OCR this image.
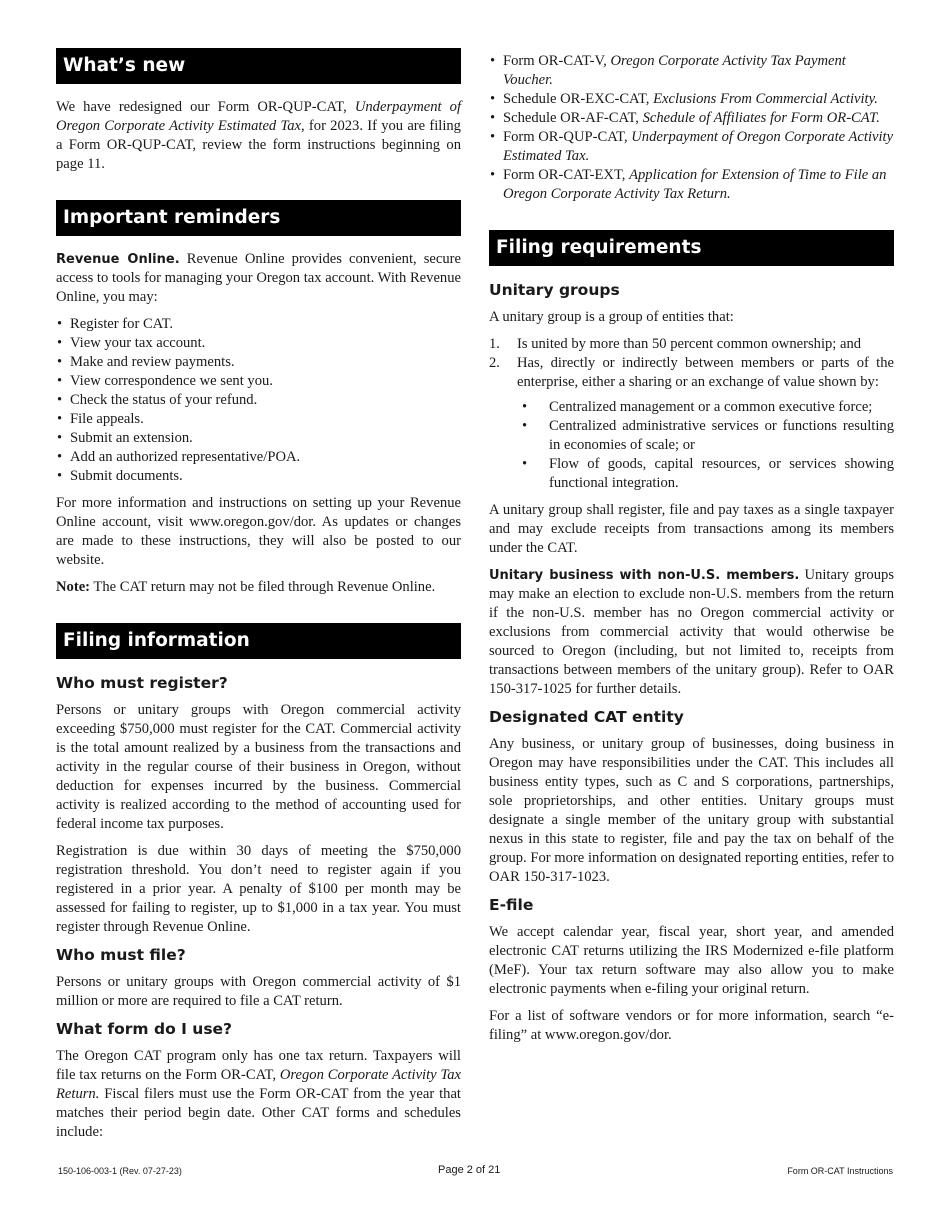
What’s new

We have redesigned our Form OR-QUP-CAT, Underpayment of Oregon Corporate Activity Estimated Tax, for 2023. If you are filing a Form OR-QUP-CAT, review the form instructions beginning on page 11.

Important reminders

Revenue Online. Revenue Online provides convenient, secure access to tools for managing your Oregon tax account. With Revenue Online, you may:

• Register for CAT.
• View your tax account.
• Make and review payments.
• View correspondence we sent you.
• Check the status of your refund.
• File appeals.
• Submit an extension.
• Add an authorized representative/POA.
• Submit documents.

For more information and instructions on setting up your Revenue Online account, visit www.oregon.gov/dor. As updates or changes are made to these instructions, they will also be posted to our website.

Note: The CAT return may not be filed through Revenue Online.

Filing information
Who must register?

Persons or unitary groups with Oregon commercial activity exceeding $750,000 must register for the CAT. Commercial activity is the total amount realized by a business from the transactions and activity in the regular course of their business in Oregon, without deduction for expenses incurred by the business. Commercial activity is realized according to the method of accounting used for federal income tax purposes.

Registration is due within 30 days of meeting the $750,000 registration threshold. You don’t need to register again if you registered in a prior year. A penalty of $100 per month may be assessed for failing to register, up to $1,000 in a tax year. You must register through Revenue Online.

Who must file?

Persons or unitary groups with Oregon commercial activity of $1 million or more are required to file a CAT return.

What form do I use?

The Oregon CAT program only has one tax return. Taxpayers will file tax returns on the Form OR-CAT, Oregon Corporate Activity Tax Return. Fiscal filers must use the Form OR-CAT from the year that matches their period begin date. Other CAT forms and schedules include:

• Form OR-CAT-V, Oregon Corporate Activity Tax Payment Voucher.
• Schedule OR-EXC-CAT, Exclusions From Commercial Activity.
• Schedule OR-AF-CAT, Schedule of Affiliates for Form OR-CAT.
• Form OR-QUP-CAT, Underpayment of Oregon Corporate Activity Estimated Tax.
• Form OR-CAT-EXT, Application for Extension of Time to File an Oregon Corporate Activity Tax Return.
Filing requirements
Unitary groups

A unitary group is a group of entities that:

1. Is united by more than 50 percent common ownership; and
2. Has, directly or indirectly between members or parts of the enterprise, either a sharing or an exchange of value shown by:
• Centralized management or a common executive force;
• Centralized administrative services or functions resulting in economies of scale; or
• Flow of goods, capital resources, or services showing functional integration.

A unitary group shall register, file and pay taxes as a single taxpayer and may exclude receipts from transactions among its members under the CAT.

Unitary business with non-U.S. members. Unitary groups may make an election to exclude non-U.S. members from the return if the non-U.S. member has no Oregon commercial activity or exclusions from commercial activity that would otherwise be sourced to Oregon (including, but not limited to, receipts from transactions between members of the unitary group). Refer to OAR 150-317-1025 for further details.

Designated CAT entity

Any business, or unitary group of businesses, doing business in Oregon may have responsibilities under the CAT. This includes all business entity types, such as C and S corporations, partnerships, sole proprietorships, and other entities. Unitary groups must designate a single member of the unitary group with substantial nexus in this state to register, file and pay the tax on behalf of the group. For more information on designated reporting entities, refer to OAR 150-317-1023.

E-file

We accept calendar year, fiscal year, short year, and amended electronic CAT returns utilizing the IRS Modernized e-file platform (MeF). Your tax return software may also allow you to make electronic payments when e-filing your original return.

For a list of software vendors or for more information, search “e-filing” at www.oregon.gov/dor.

150-106-003-1 (Rev. 07-27-23)	Page 2 of 21	Form OR-CAT Instructions
